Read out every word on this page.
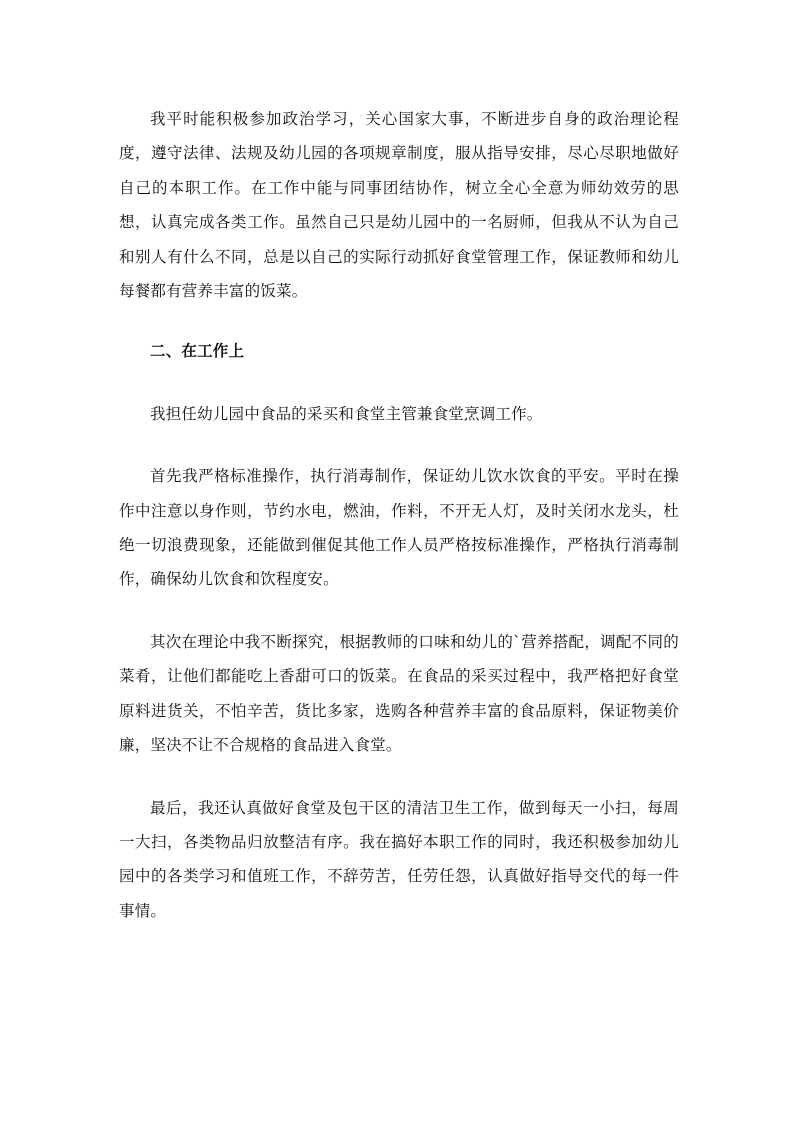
我平时能积极参加政治学习，关心国家大事，不断进步自身的政治理论程度，遵守法律、法规及幼儿园的各项规章制度，服从指导安排，尽心尽职地做好自己的本职工作。在工作中能与同事团结协作，树立全心全意为师幼效劳的思想，认真完成各类工作。虽然自己只是幼儿园中的一名厨师，但我从不认为自己和别人有什么不同，总是以自己的实际行动抓好食堂管理工作，保证教师和幼儿每餐都有营养丰富的饭菜。

二、在工作上

我担任幼儿园中食品的采买和食堂主管兼食堂烹调工作。

首先我严格标准操作，执行消毒制作，保证幼儿饮水饮食的平安。平时在操作中注意以身作则，节约水电，燃油，作料，不开无人灯，及时关闭水龙头，杜绝一切浪费现象，还能做到催促其他工作人员严格按标准操作，严格执行消毒制作，确保幼儿饮食和饮程度安。

其次在理论中我不断探究，根据教师的口味和幼儿的`营养搭配，调配不同的菜肴，让他们都能吃上香甜可口的饭菜。在食品的采买过程中，我严格把好食堂原料进货关，不怕辛苦，货比多家，选购各种营养丰富的食品原料，保证物美价廉，坚决不让不合规格的食品进入食堂。

最后，我还认真做好食堂及包干区的清洁卫生工作，做到每天一小扫，每周一大扫，各类物品归放整洁有序。我在搞好本职工作的同时，我还积极参加幼儿园中的各类学习和值班工作，不辞劳苦，任劳任怨，认真做好指导交代的每一件事情。
